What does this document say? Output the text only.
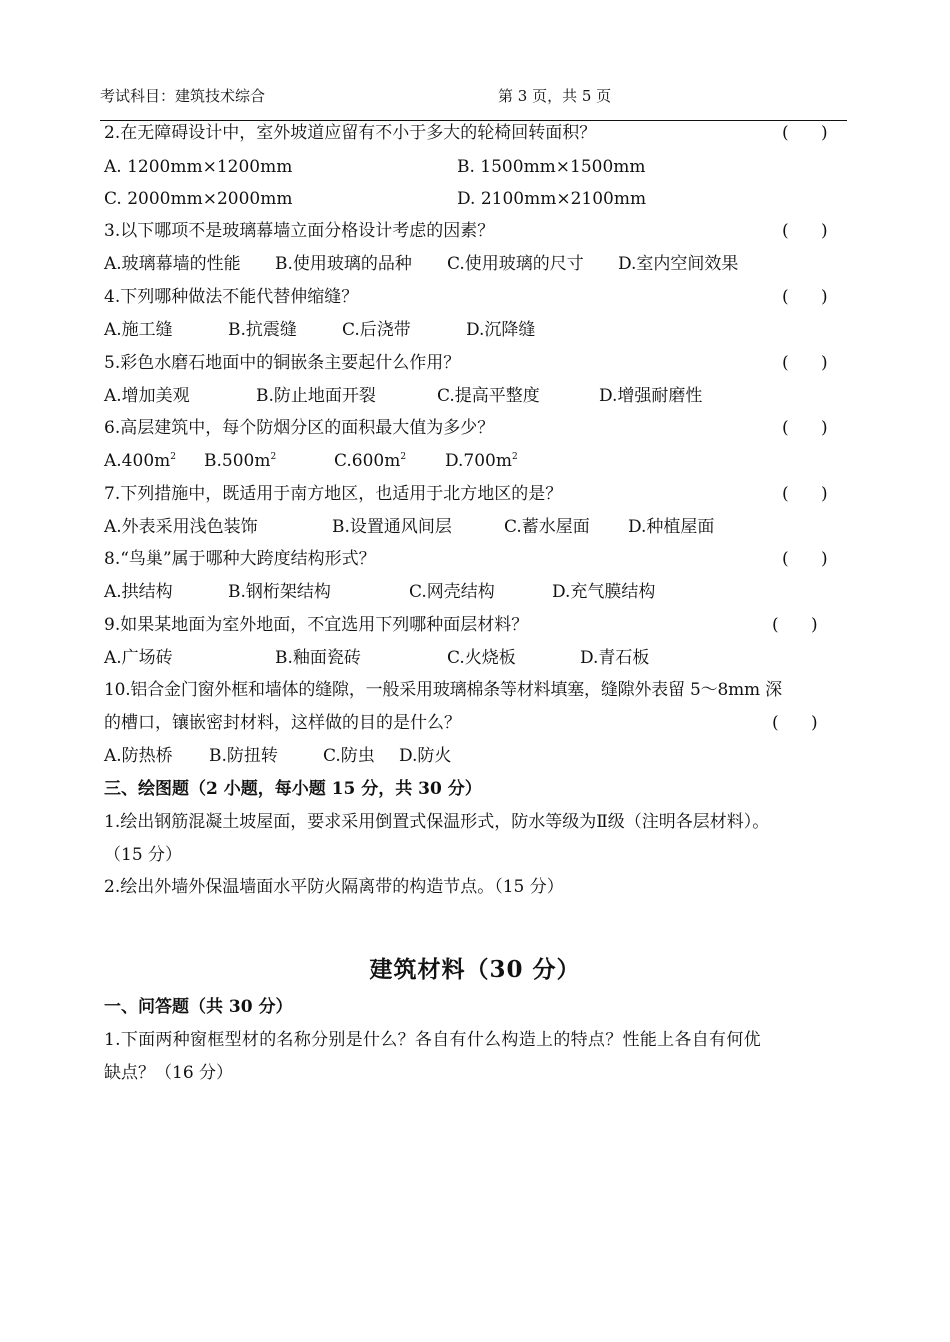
考试科目：建筑技术综合	第 3 页，共 5 页
2.在无障碍设计中，室外坡道应留有不小于多大的轮椅回转面积？	(      )
A. 1200mm×1200mm	B. 1500mm×1500mm
C. 2000mm×2000mm	D. 2100mm×2100mm
3.以下哪项不是玻璃幕墙立面分格设计考虑的因素？	(      )
A.玻璃幕墙的性能 B.使用玻璃的品种 C.使用玻璃的尺寸 D.室内空间效果
4.下列哪种做法不能代替伸缩缝？	(      )
A.施工缝	B.抗震缝	C.后浇带	D.沉降缝
5.彩色水磨石地面中的铜嵌条主要起什么作用？	(      )
A.增加美观	B.防止地面开裂	C.提高平整度	D.增强耐磨性
6.高层建筑中，每个防烟分区的面积最大值为多少？	(      )
$A.400m^2$ $B.500m^2$	$C.600m^2$ $D.700m^2$
7.下列措施中，既适用于南方地区，也适用于北方地区的是？	(      )
A.外表采用浅色装饰	B.设置通风间层	C.蓄水屋面 D.种植屋面
8.“鸟巢”属于哪种大跨度结构形式？	(      )
A.拱结构	B.钢桁架结构	C.网壳结构	D.充气膜结构
9.如果某地面为室外地面，不宜选用下列哪种面层材料？	(      )
A.广场砖	B.釉面瓷砖	C.火烧板	D.青石板
10.铝合金门窗外框和墙体的缝隙，一般采用玻璃棉条等材料填塞，缝隙外表留 5～8mm 深
的槽口，镶嵌密封材料，这样做的目的是什么？	(      )
A.防热桥 B.防扭转	C.防虫 D.防火
三、绘图题（2 小题，每小题 15 分，共 30 分）
1.绘出钢筋混凝土坡屋面，要求采用倒置式保温形式，防水等级为Ⅱ级（注明各层材料）。
（15 分）
2.绘出外墙外保温墙面水平防火隔离带的构造节点。（15 分）
建筑材料（30 分）
一、问答题（共 30 分）
1.下面两种窗框型材的名称分别是什么？各自有什么构造上的特点？性能上各自有何优
缺点？（16 分）
